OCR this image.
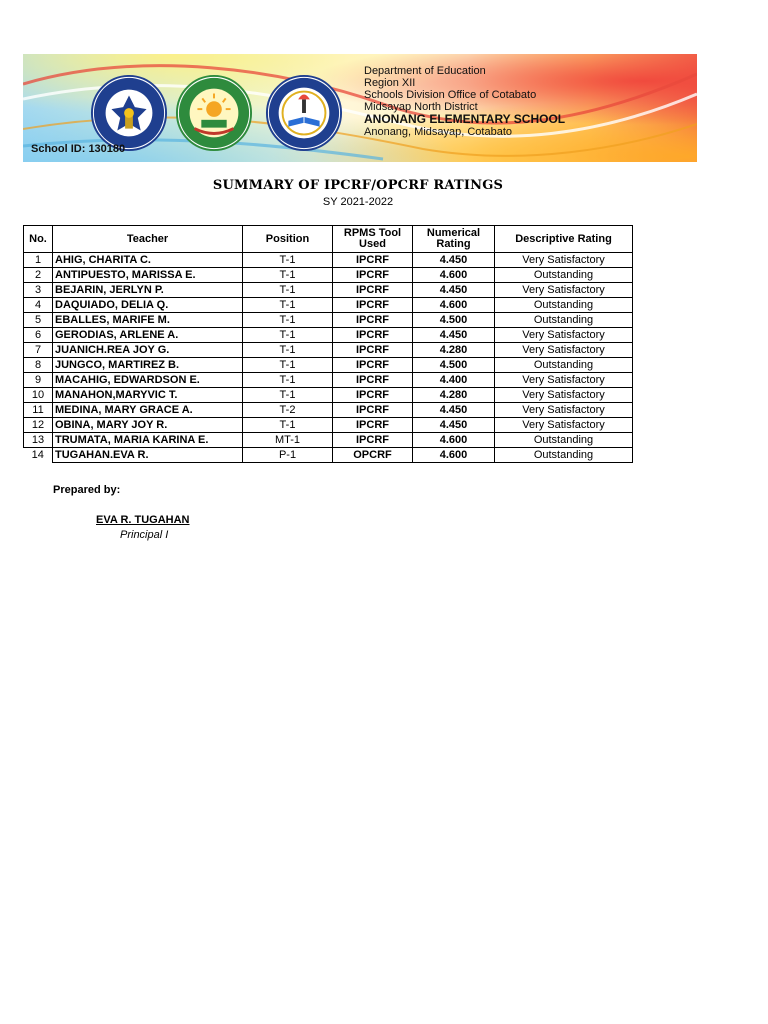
Department of Education
Region XII
Schools Division Office of Cotabato
Midsayap North District
ANONANG ELEMENTARY SCHOOL
Anonang, Midsayap, Cotabato
School ID: 130180
SUMMARY OF IPCRF/OPCRF RATINGS
SY 2021-2022
No.	Teacher	Position	RPMS Tool Used	Numerical Rating	Descriptive Rating
1	AHIG, CHARITA C.	T-1	IPCRF	4.450	Very Satisfactory
2	ANTIPUESTO, MARISSA E.	T-1	IPCRF	4.600	Outstanding
3	BEJARIN, JERLYN P.	T-1	IPCRF	4.450	Very Satisfactory
4	DAQUIADO, DELIA Q.	T-1	IPCRF	4.600	Outstanding
5	EBALLES, MARIFE M.	T-1	IPCRF	4.500	Outstanding
6	GERODIAS, ARLENE A.	T-1	IPCRF	4.450	Very Satisfactory
7	JUANICH.REA JOY G.	T-1	IPCRF	4.280	Very Satisfactory
8	JUNGCO, MARTIREZ B.	T-1	IPCRF	4.500	Outstanding
9	MACAHIG, EDWARDSON E.	T-1	IPCRF	4.400	Very Satisfactory
10	MANAHON,MARYVIC T.	T-1	IPCRF	4.280	Very Satisfactory
11	MEDINA, MARY GRACE A.	T-2	IPCRF	4.450	Very Satisfactory
12	OBINA, MARY JOY R.	T-1	IPCRF	4.450	Very Satisfactory
13	TRUMATA, MARIA KARINA E.	MT-1	IPCRF	4.600	Outstanding
14	TUGAHAN.EVA R.	P-1	OPCRF	4.600	Outstanding
Prepared by:
EVA R. TUGAHAN
Principal I
